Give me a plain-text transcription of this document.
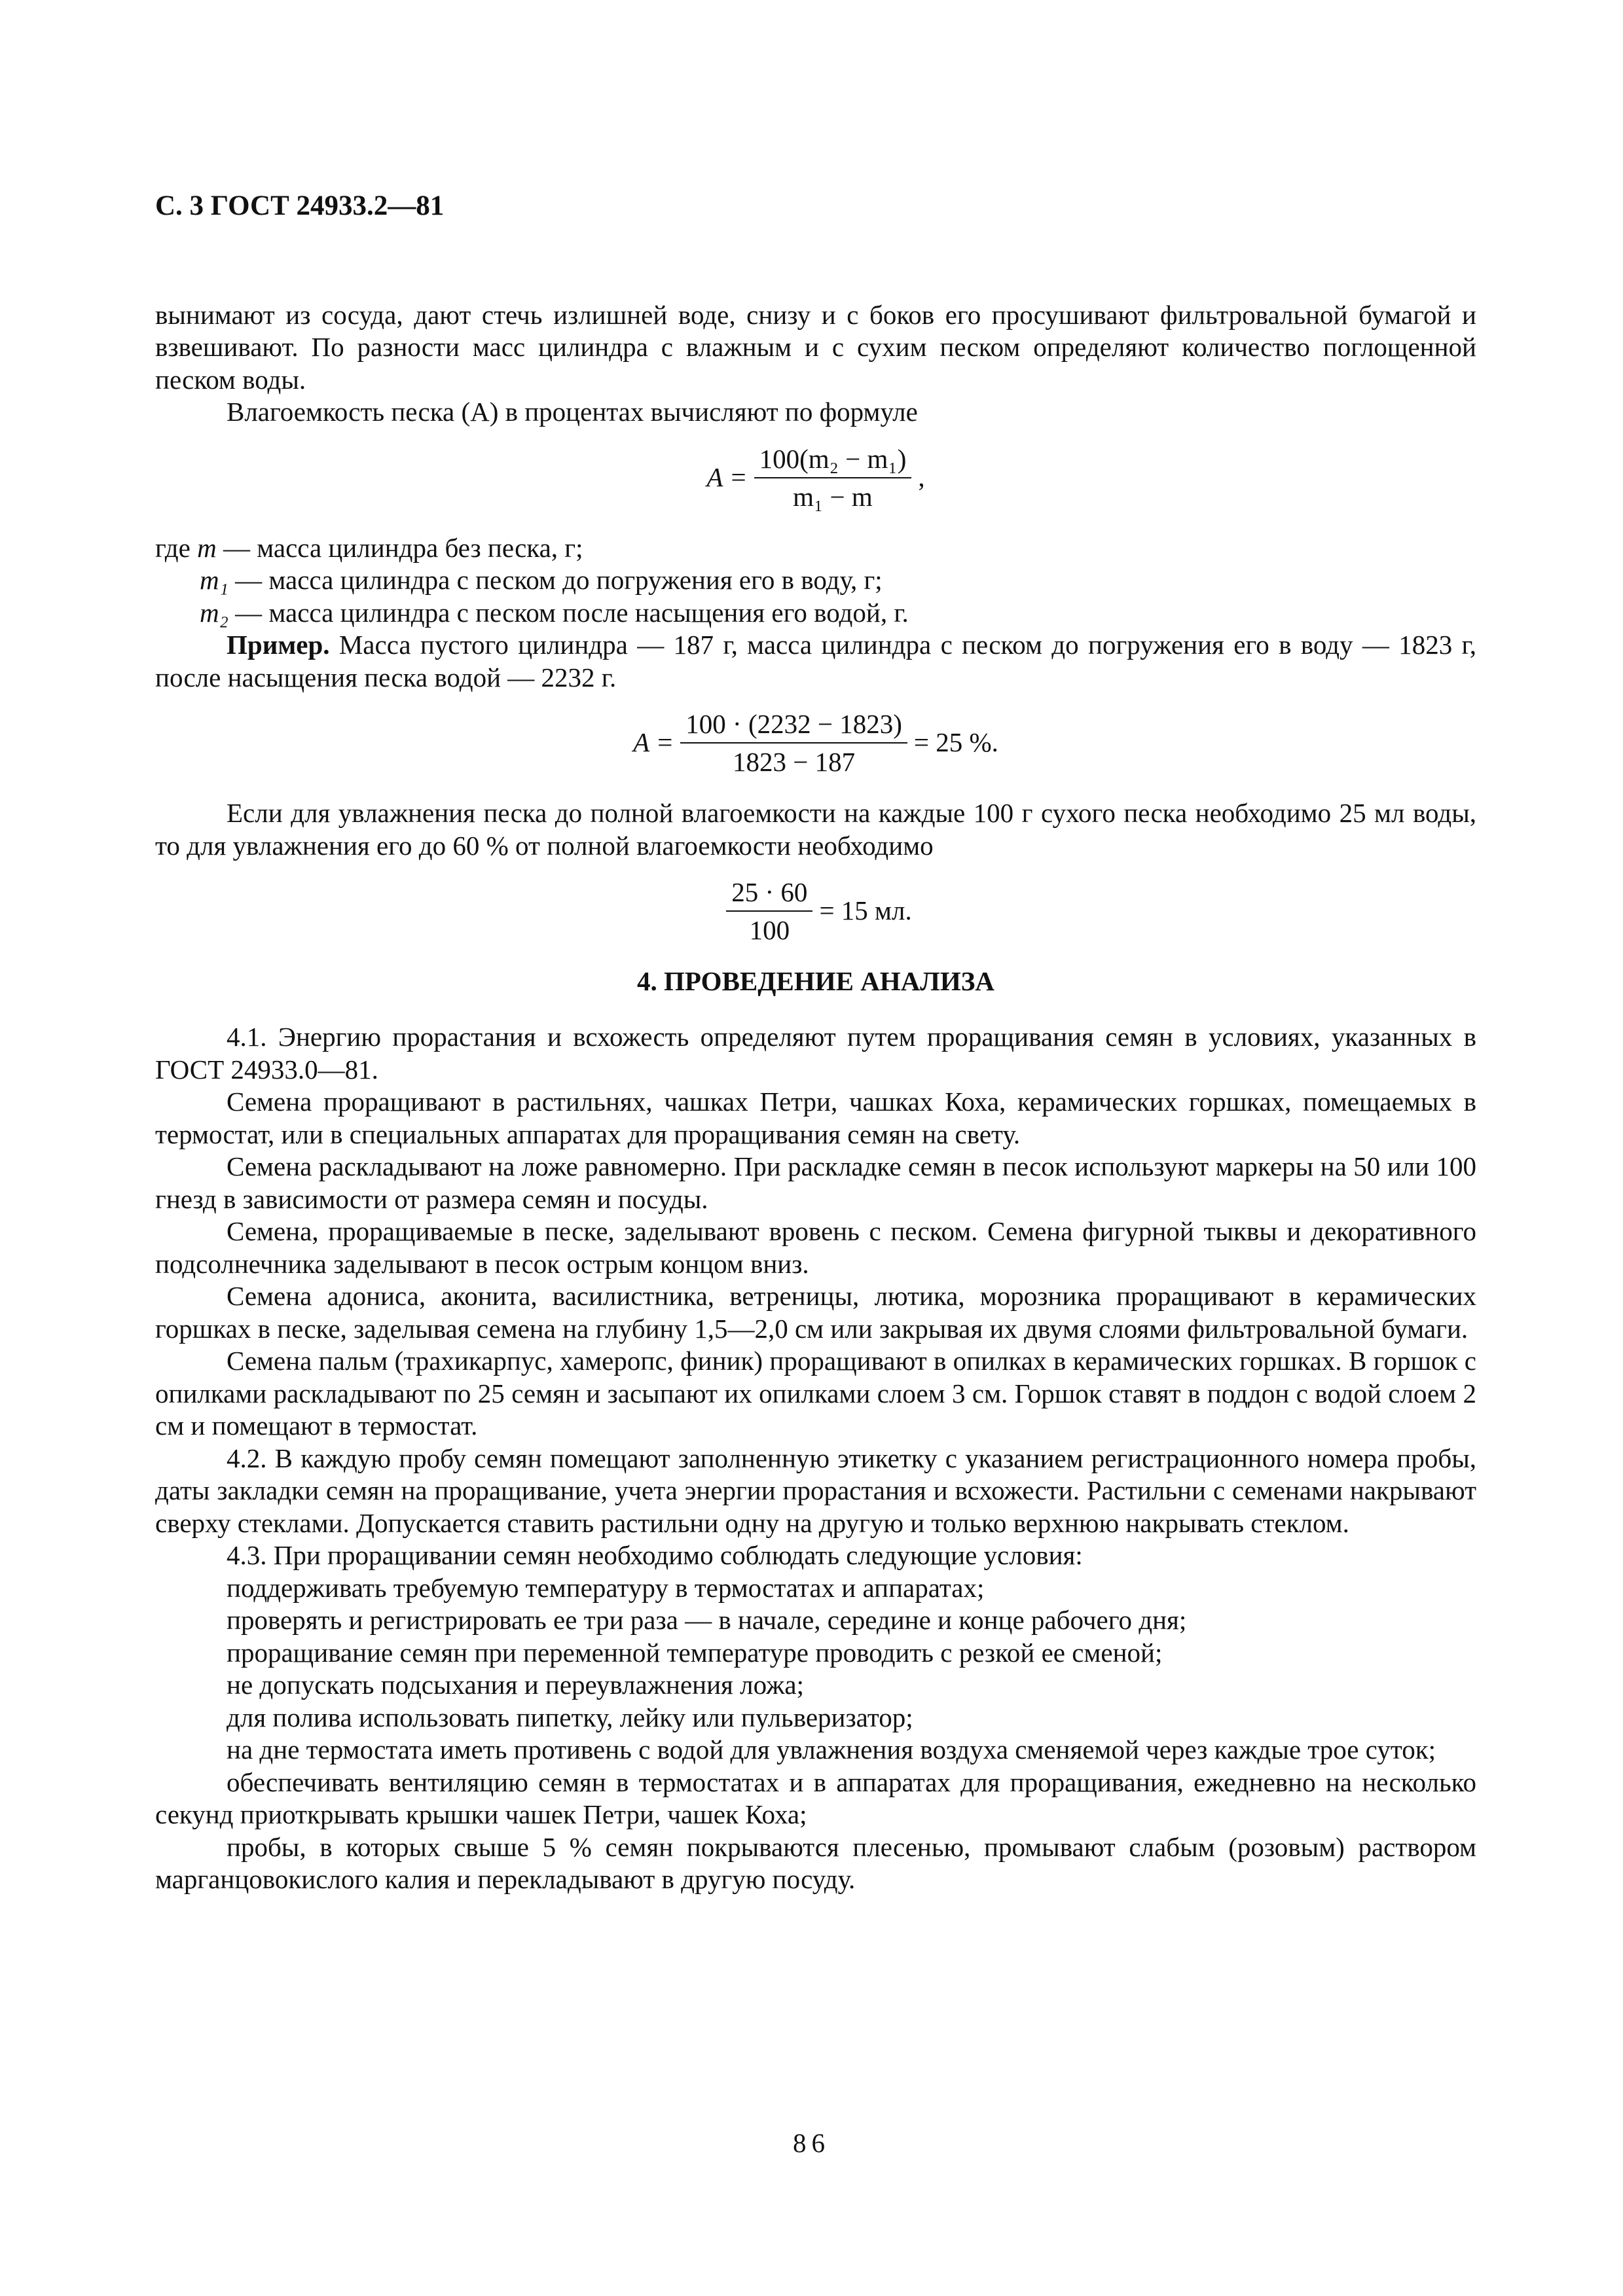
С. 3 ГОСТ 24933.2—81

вынимают из сосуда, дают стечь излишней воде, снизу и с боков его просушивают фильтровальной бумагой и взвешивают. По разности масс цилиндра с влажным и с сухим песком определяют количество поглощенной песком воды.

Влагоемкость песка (А) в процентах вычисляют по формуле

$A = \frac{\text{100(m₂ − m₁)}}{\text{m₁ − m}}$ ,
где m — масса цилиндра без песка, г;
m₁ — масса цилиндра с песком до погружения его в воду, г;
m₂ — масса цилиндра с песком после насыщения его водой, г.

Пример. Масса пустого цилиндра — 187 г, масса цилиндра с песком до погружения его в воду — 1823 г, после насыщения песка водой — 2232 г.

$A = \frac{100 \cdot (2232 - 1823)}{1823 - 187} = 25$ %.

Если для увлажнения песка до полной влагоемкости на каждые 100 г сухого песка необходимо 25 мл воды, то для увлажнения его до 60 % от полной влагоемкости необходимо

$\frac{25 \cdot 60}{100} = 15$ мл.
4. ПРОВЕДЕНИЕ АНАЛИЗА

4.1. Энергию прорастания и всхожесть определяют путем проращивания семян в условиях, указанных в ГОСТ 24933.0—81.

Семена проращивают в растильнях, чашках Петри, чашках Коха, керамических горшках, помещаемых в термостат, или в специальных аппаратах для проращивания семян на свету.

Семена раскладывают на ложе равномерно. При раскладке семян в песок используют маркеры на 50 или 100 гнезд в зависимости от размера семян и посуды.

Семена, проращиваемые в песке, заделывают вровень с песком. Семена фигурной тыквы и декоративного подсолнечника заделывают в песок острым концом вниз.

Семена адониса, аконита, василистника, ветреницы, лютика, морозника проращивают в керамических горшках в песке, заделывая семена на глубину 1,5—2,0 см или закрывая их двумя слоями фильтровальной бумаги.

Семена пальм (трахикарпус, хамеропс, финик) проращивают в опилках в керамических горшках. В горшок с опилками раскладывают по 25 семян и засыпают их опилками слоем 3 см. Горшок ставят в поддон с водой слоем 2 см и помещают в термостат.

4.2. В каждую пробу семян помещают заполненную этикетку с указанием регистрационного номера пробы, даты закладки семян на проращивание, учета энергии прорастания и всхожести. Растильни с семенами накрывают сверху стеклами. Допускается ставить растильни одну на другую и только верхнюю накрывать стеклом.

4.3. При проращивании семян необходимо соблюдать следующие условия:

поддерживать требуемую температуру в термостатах и аппаратах;

проверять и регистрировать ее три раза — в начале, середине и конце рабочего дня;

проращивание семян при переменной температуре проводить с резкой ее сменой;

не допускать подсыхания и переувлажнения ложа;

для полива использовать пипетку, лейку или пульверизатор;

на дне термостата иметь противень с водой для увлажнения воздуха сменяемой через каждые трое суток;

обеспечивать вентиляцию семян в термостатах и в аппаратах для проращивания, ежедневно на несколько секунд приоткрывать крышки чашек Петри, чашек Коха;

пробы, в которых свыше 5 % семян покрываются плесенью, промывают слабым (розовым) раствором марганцовокислого калия и перекладывают в другую посуду.

86
